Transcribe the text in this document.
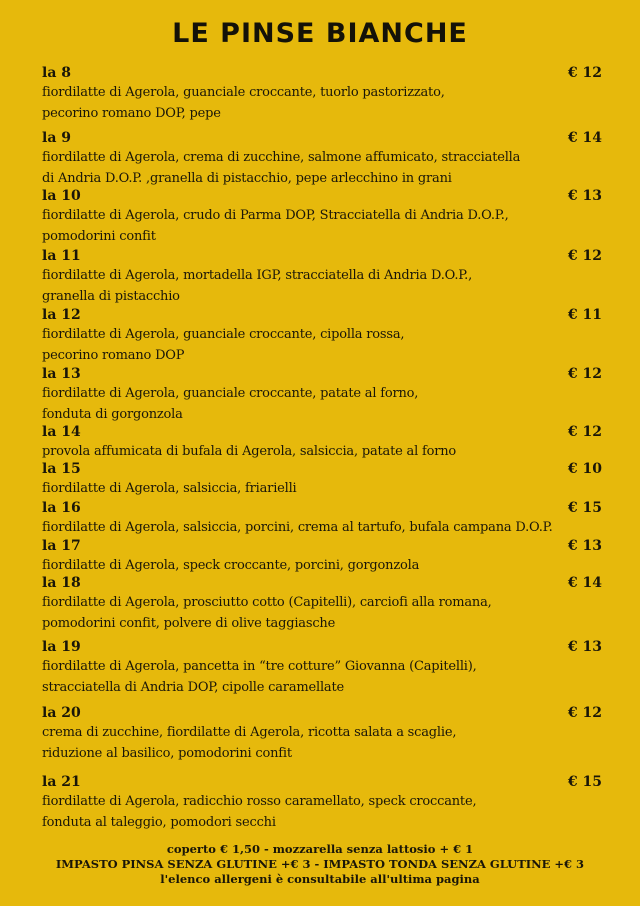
LE PINSE BIANCHE
la 8	€ 12
fiordilatte di Agerola, guanciale croccante, tuorlo pastorizzato,
pecorino romano DOP, pepe
la 9	€ 14
fiordilatte di Agerola, crema di zucchine, salmone affumicato, stracciatella
di Andria D.O.P. ,granella di pistacchio, pepe arlecchino in grani
la 10	€ 13
fiordilatte di Agerola, crudo di Parma DOP, Stracciatella di Andria D.O.P.,
pomodorini confit
la 11	€ 12
fiordilatte di Agerola, mortadella IGP, stracciatella di Andria D.O.P.,
granella di pistacchio
la 12	€ 11
fiordilatte di Agerola, guanciale croccante, cipolla rossa,
pecorino romano DOP
la 13	€ 12
fiordilatte di Agerola, guanciale croccante, patate al forno,
fonduta di gorgonzola
la 14	€ 12
provola affumicata di bufala di Agerola, salsiccia, patate al forno
la 15	€ 10
fiordilatte di Agerola, salsiccia, friarielli
la 16	€ 15
fiordilatte di Agerola, salsiccia, porcini, crema al tartufo, bufala campana D.O.P.
la 17	€ 13
fiordilatte di Agerola, speck croccante, porcini, gorgonzola
la 18	€ 14
fiordilatte di Agerola, prosciutto cotto (Capitelli), carciofi alla romana,
pomodorini confit, polvere di olive taggiasche
la 19	€ 13
fiordilatte di Agerola, pancetta in “tre cotture” Giovanna (Capitelli),
stracciatella di Andria DOP, cipolle caramellate
la 20	€ 12
crema di zucchine, fiordilatte di Agerola, ricotta salata a scaglie,
riduzione al basilico, pomodorini confit
la 21	€ 15
fiordilatte di Agerola, radicchio rosso caramellato, speck croccante,
fonduta al taleggio, pomodori secchi
coperto € 1,50 - mozzarella senza lattosio + € 1
IMPASTO PINSA SENZA GLUTINE +€ 3 - IMPASTO TONDA SENZA GLUTINE +€ 3
l'elenco allergeni è consultabile all'ultima pagina
